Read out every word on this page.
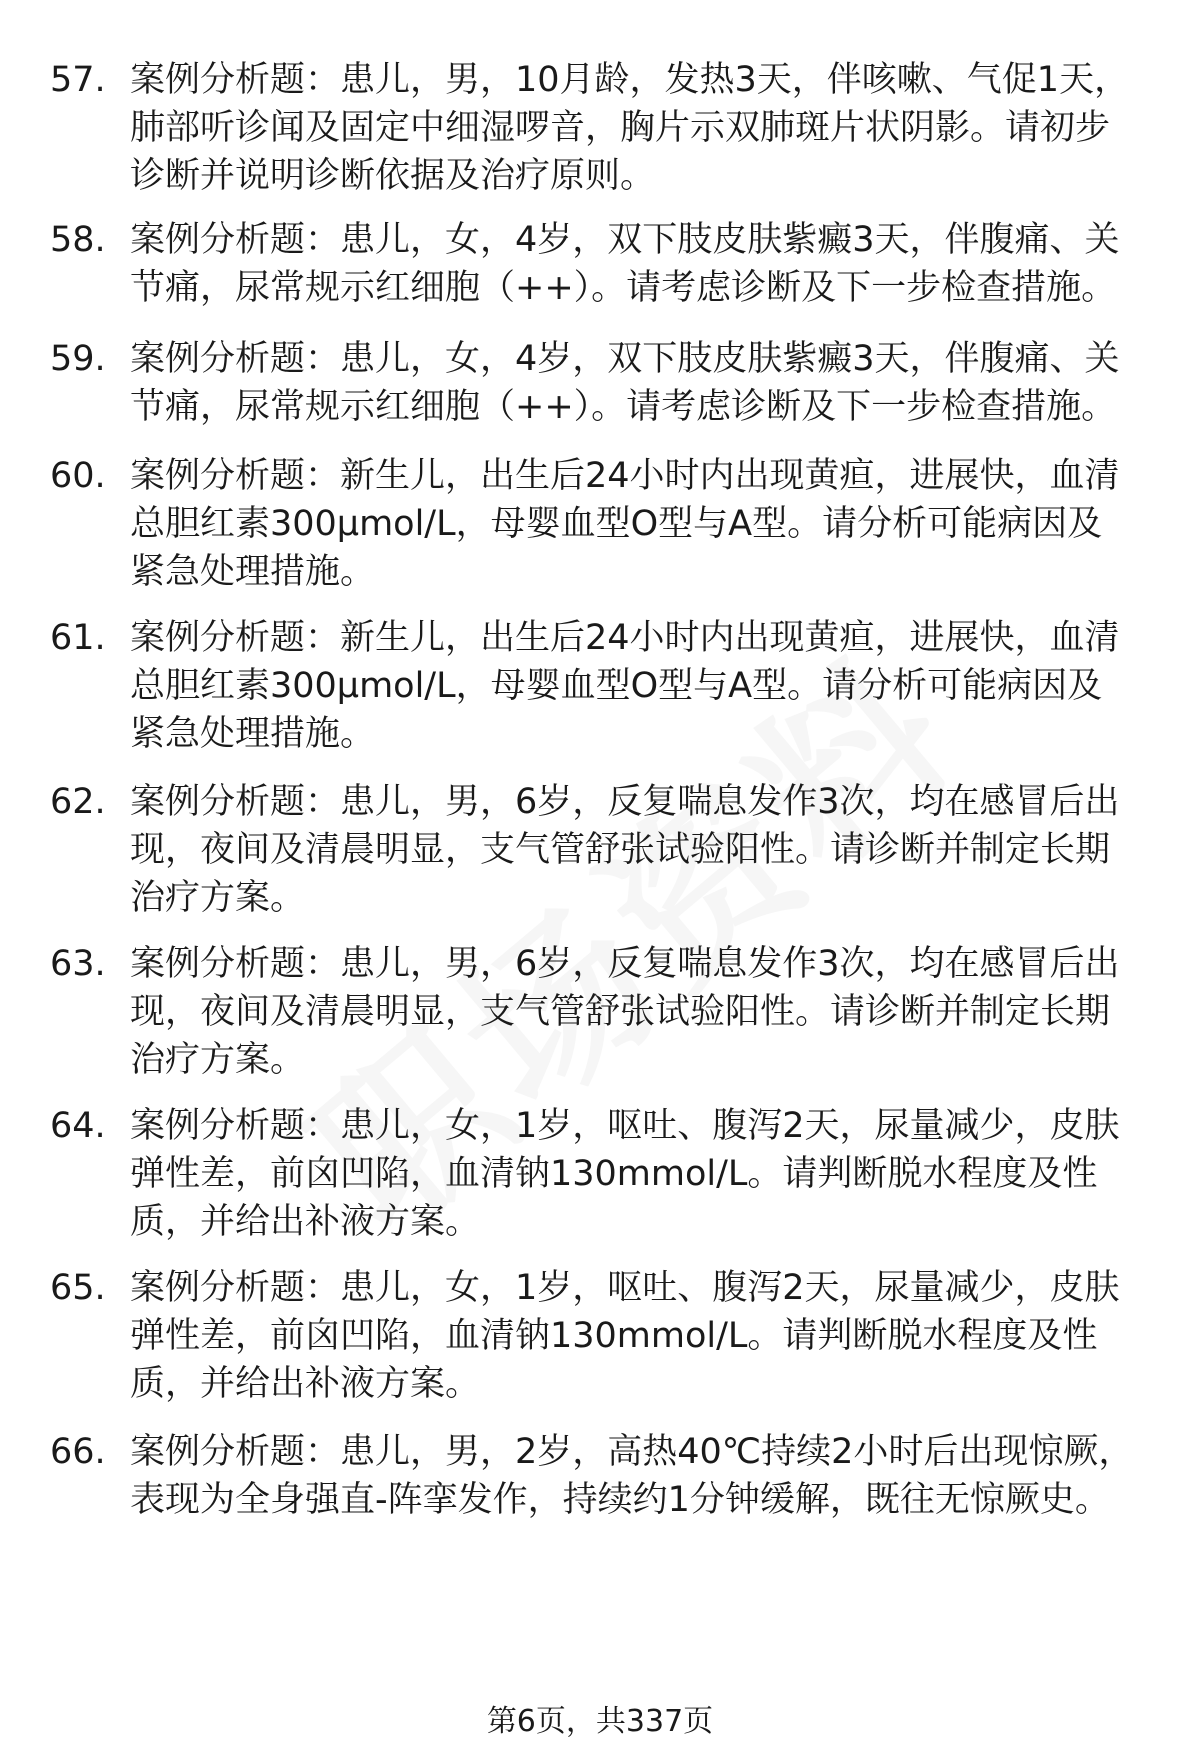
57. 案例分析题：患儿，男，10月龄，发热3天，伴咳嗽、气促1天，
肺部听诊闻及固定中细湿啰音，胸片示双肺斑片状阴影。请初步
诊断并说明诊断依据及治疗原则。
58. 案例分析题：患儿，女，4岁，双下肢皮肤紫癜3天，伴腹痛、关
节痛，尿常规示红细胞（++）。请考虑诊断及下一步检查措施。
59. 案例分析题：患儿，女，4岁，双下肢皮肤紫癜3天，伴腹痛、关
节痛，尿常规示红细胞（++）。请考虑诊断及下一步检查措施。
60. 案例分析题：新生儿，出生后24小时内出现黄疸，进展快，血清
总胆红素300μmol/L，母婴血型O型与A型。请分析可能病因及
紧急处理措施。
61. 案例分析题：新生儿，出生后24小时内出现黄疸，进展快，血清
总胆红素300μmol/L，母婴血型O型与A型。请分析可能病因及
紧急处理措施。
62. 案例分析题：患儿，男，6岁，反复喘息发作3次，均在感冒后出
现，夜间及清晨明显，支气管舒张试验阳性。请诊断并制定长期
治疗方案。
63. 案例分析题：患儿，男，6岁，反复喘息发作3次，均在感冒后出
现，夜间及清晨明显，支气管舒张试验阳性。请诊断并制定长期
治疗方案。
64. 案例分析题：患儿，女，1岁，呕吐、腹泻2天，尿量减少，皮肤
弹性差，前囟凹陷，血清钠130mmol/L。请判断脱水程度及性
质，并给出补液方案。
65. 案例分析题：患儿，女，1岁，呕吐、腹泻2天，尿量减少，皮肤
弹性差，前囟凹陷，血清钠130mmol/L。请判断脱水程度及性
质，并给出补液方案。
66. 案例分析题：患儿，男，2岁，高热40℃持续2小时后出现惊厥，
表现为全身强直-阵挛发作，持续约1分钟缓解，既往无惊厥史。
第6页，共337页
